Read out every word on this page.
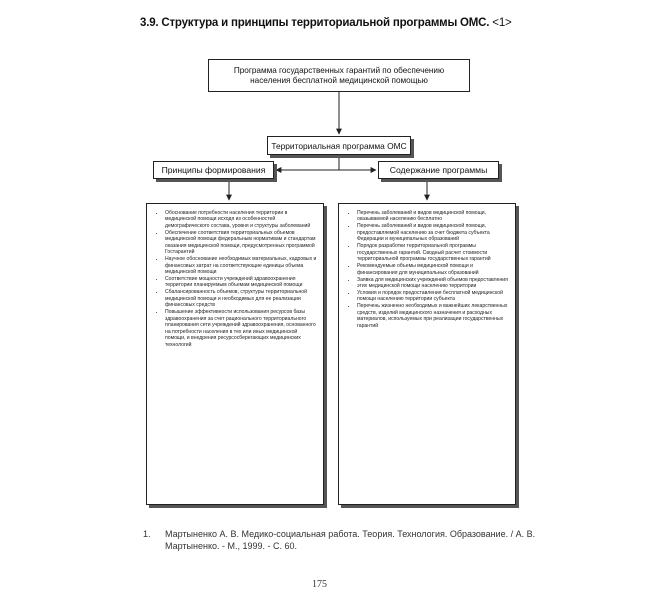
3.9. Структура и принципы территориальной программы ОМС. <1>
Программа государственных гарантий по обеспечению населения бесплатной медицинской помощью
Территориальная программа ОМС
Принципы формирования	Содержание программы
• Обоснование потребности населения территории в медицинской помощи исходя из особенностей демографического состава, уровня и структуры заболеваний
• Обеспечение соответствия территориальных объемов медицинской помощи федеральным нормативам и стандартам оказания медицинской помощи, предусмотренных программой Гостарантий
• Научное обоснование необходимых материальных, кадровых и финансовых затрат на соответствующие единицы объема медицинской помощи
• Соответствие мощности учреждений здравоохранения территории планируемым объемам медицинской помощи
• Сбалансированность объемов, структуры территориальной медицинской помощи и необходимых для ее реализации финансовых средств
• Повышение эффективности использования ресурсов базы здравоохранения за счет рационального территориального планирования сети учреждений здравоохранения, основанного на потребности населения в тех или иных медицинской помощи, и внедрения ресурсосберегающих медицинских технологий
• Перечень заболеваний и видов медицинской помощи, оказываемой населению бесплатно
• Перечень заболеваний и видов медицинской помощи, предоставляемой населению за счет бюджета субъекта Федерации и муниципальных образований
• Порядок разработки территориальной программы государственных гарантий. Сводный расчет стоимости территориальной программы государственных гарантий
• Рекомендуемые объемы медицинской помощи и финансирования для муниципальных образований
• Заявка для медицинских учреждений объемов предоставления этих медицинской помощи населению территории
• Условия и порядок предоставления бесплатной медицинской помощи населению территории субъекта
• Перечень жизненно необходимых и важнейших лекарственных средств, изделий медицинского назначения и расходных материалов, используемых при реализации государственных гарантий
1. Мартыненко А. В. Медико-социальная работа. Теория. Технология. Образование. / А. В. Мартыненко. - М., 1999. - С. 60.
175
